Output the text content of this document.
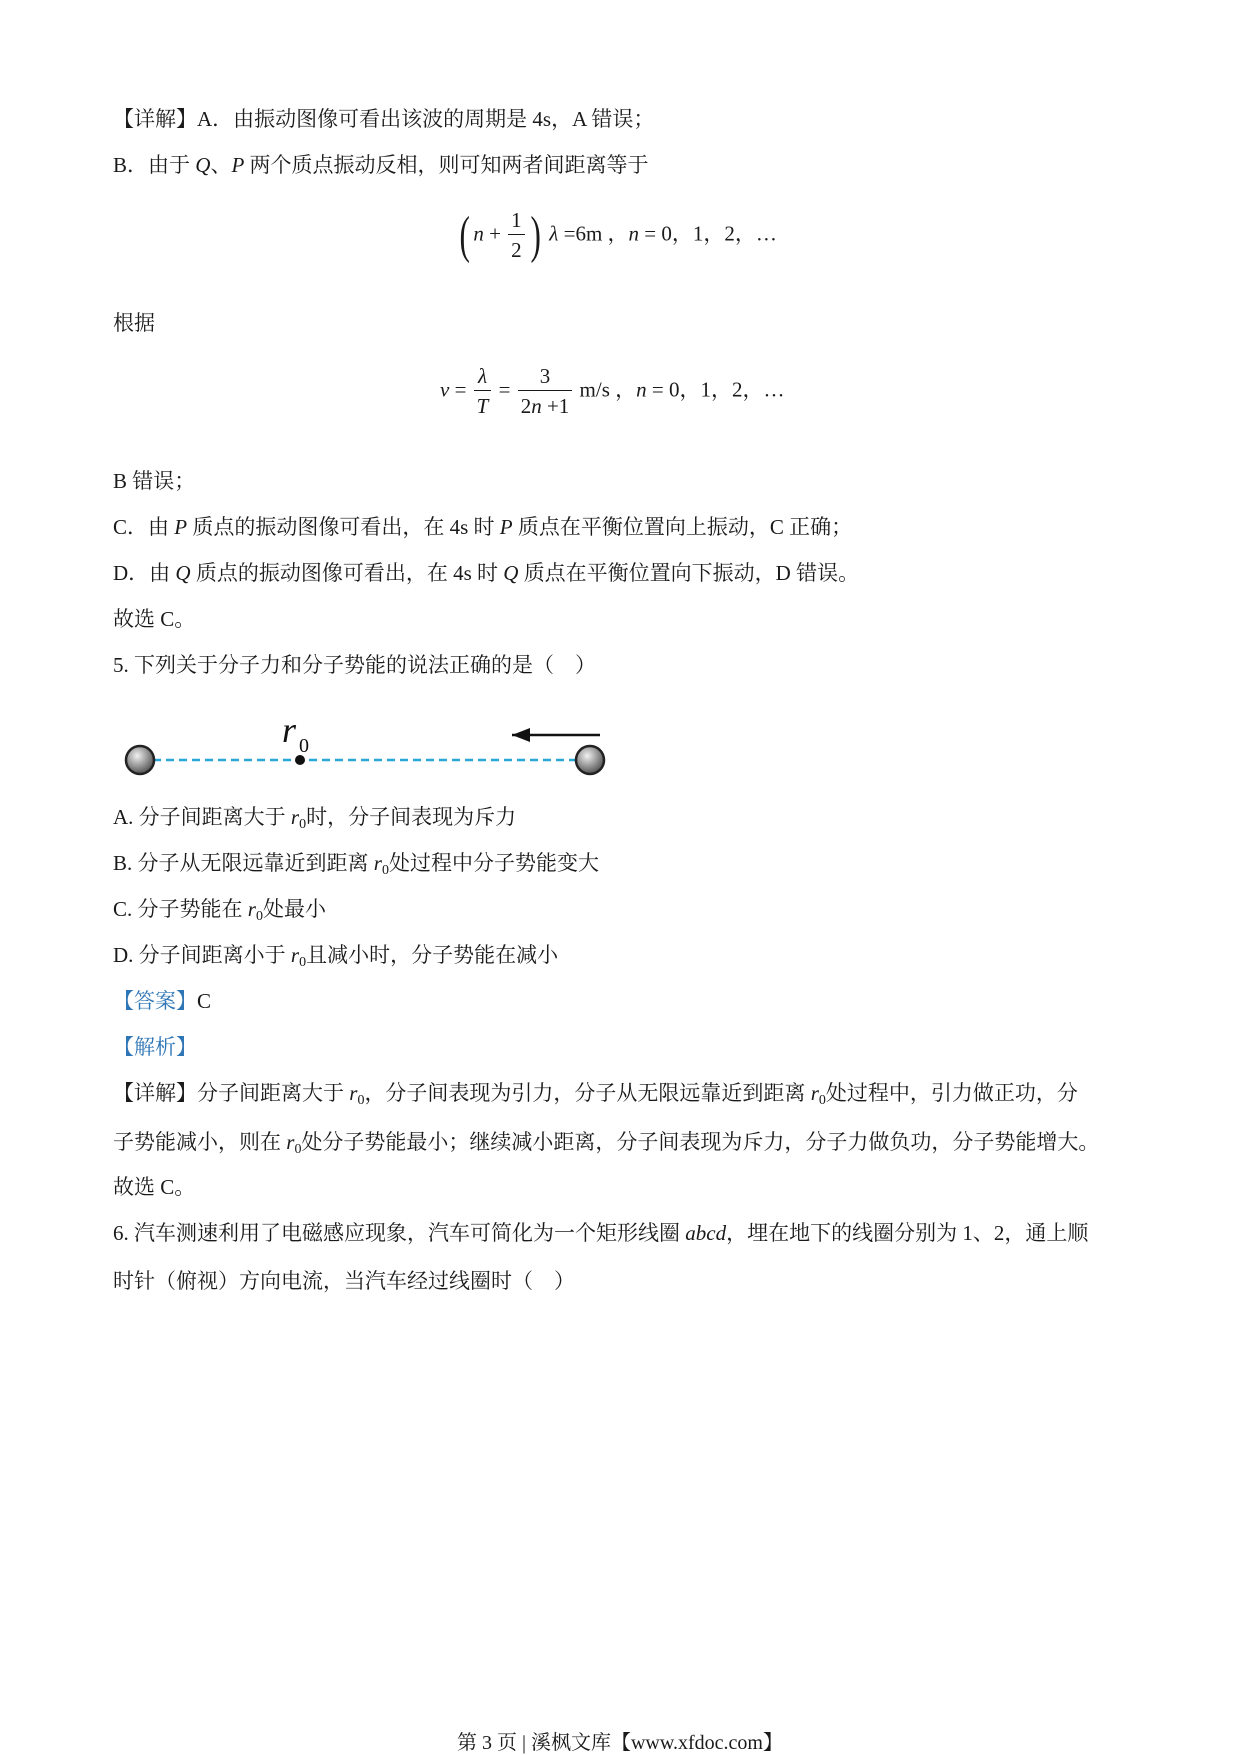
【详解】A．由振动图像可看出该波的周期是 4s，A 错误；
B．由于 Q、P 两个质点振动反相，则可知两者间距离等于
( $n + \frac{1}{2}$ ) λ =6m ，n = 0，1，2，…
根据
$v = \frac{\lambda}{T} = \frac{3}{2n +1} m/s$ ，n = 0，1，2，…
B 错误；
C．由 P 质点的振动图像可看出，在 4s 时 P 质点在平衡位置向上振动，C 正确；
D．由 Q 质点的振动图像可看出，在 4s 时 Q 质点在平衡位置向下振动，D 错误。
故选 C。
5. 下列关于分子力和分子势能的说法正确的是（　）
r 0
A. 分子间距离大于 r0时，分子间表现为斥力
B. 分子从无限远靠近到距离 r0处过程中分子势能变大
C. 分子势能在 r0处最小
D. 分子间距离小于 r0且减小时，分子势能在减小
【答案】C
【解析】
【详解】分子间距离大于 r0，分子间表现为引力，分子从无限远靠近到距离 r0处过程中，引力做正功，分
子势能减小，则在 r0处分子势能最小；继续减小距离，分子间表现为斥力，分子力做负功，分子势能增大。
故选 C。
6. 汽车测速利用了电磁感应现象，汽车可简化为一个矩形线圈 abcd，埋在地下的线圈分别为 1、2，通上顺
时针（俯视）方向电流，当汽车经过线圈时（　）
第 3 页 | 溪枫文库【www.xfdoc.com】
